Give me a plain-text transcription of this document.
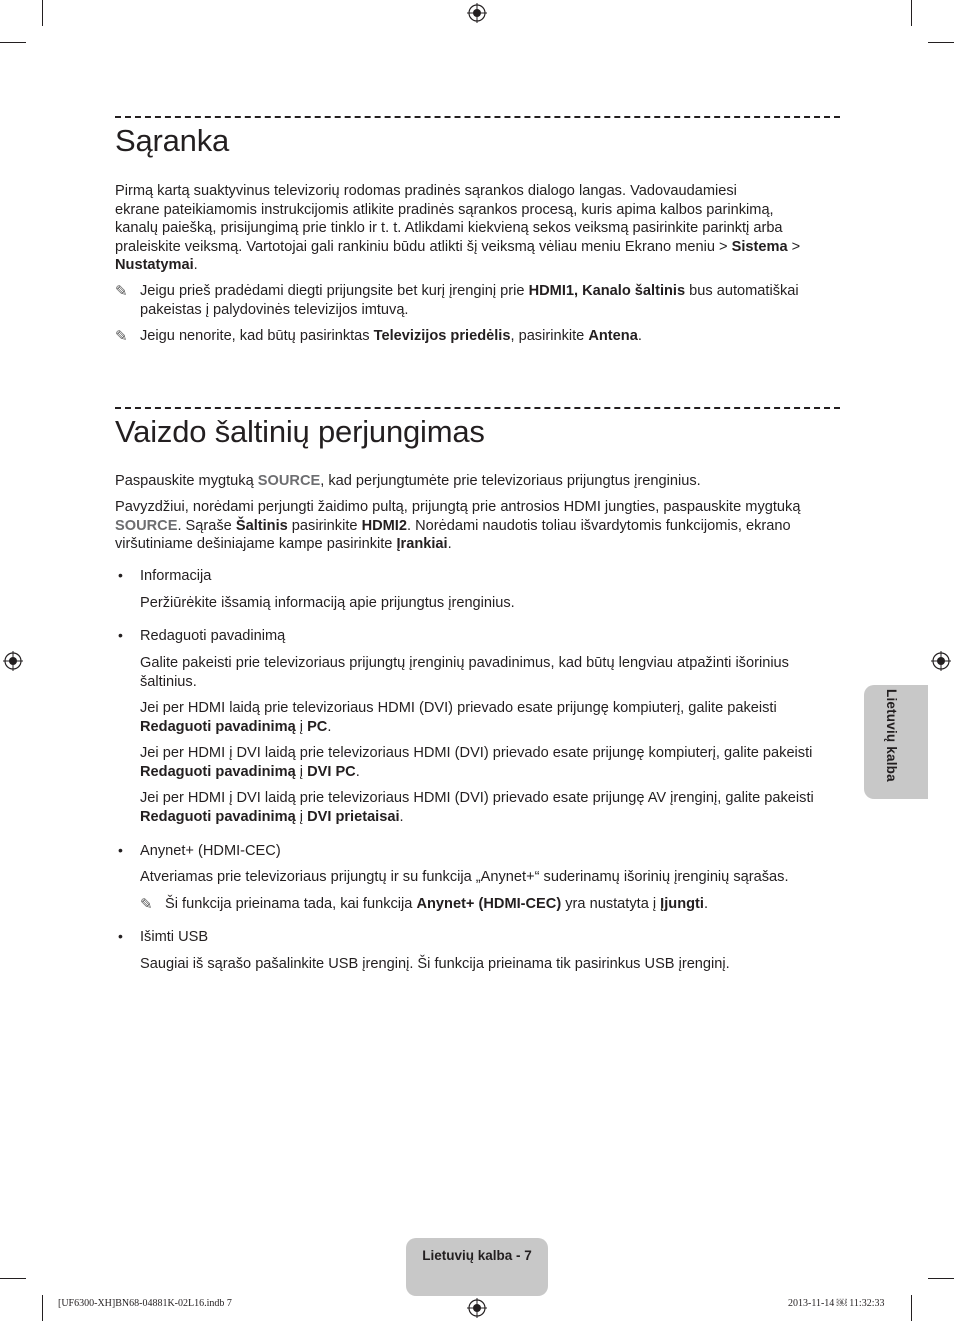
Sąranka

Pirmą kartą suaktyvinus televizorių rodomas pradinės sąrankos dialogo langas. Vadovaudamiesi
ekrane pateikiamomis instrukcijomis atlikite pradinės sąrankos procesą, kuris apima kalbos parinkimą,
kanalų paiešką, prisijungimą prie tinklo ir t. t. Atlikdami kiekvieną sekos veiksmą pasirinkite parinktį arba
praleiskite veiksmą. Vartotojai gali rankiniu būdu atlikti šį veiksmą vėliau meniu Ekrano meniu > Sistema >
Nustatymai.

✎ Jeigu prieš pradėdami diegti prijungsite bet kurį įrenginį prie HDMI1, Kanalo šaltinis bus automatiškai
pakeistas į palydovinės televizijos imtuvą.

✎ Jeigu nenorite, kad būtų pasirinktas Televizijos priedėlis, pasirinkite Antena.

Vaizdo šaltinių perjungimas

Paspauskite mygtuką SOURCE, kad perjungtumėte prie televizoriaus prijungtus įrenginius.

Pavyzdžiui, norėdami perjungti žaidimo pultą, prijungtą prie antrosios HDMI jungties, paspauskite mygtuką
SOURCE. Sąraše Šaltinis pasirinkite HDMI2. Norėdami naudotis toliau išvardytomis funkcijomis, ekrano
viršutiniame dešiniajame kampe pasirinkite Įrankiai.

• Informacija

Peržiūrėkite išsamią informaciją apie prijungtus įrenginius.

• Redaguoti pavadinimą

Galite pakeisti prie televizoriaus prijungtų įrenginių pavadinimus, kad būtų lengviau atpažinti išorinius
šaltinius.

Jei per HDMI laidą prie televizoriaus HDMI (DVI) prievado esate prijungę kompiuterį, galite pakeisti
Redaguoti pavadinimą į PC.

Jei per HDMI į DVI laidą prie televizoriaus HDMI (DVI) prievado esate prijungę kompiuterį, galite pakeisti
Redaguoti pavadinimą į DVI PC.

Jei per HDMI į DVI laidą prie televizoriaus HDMI (DVI) prievado esate prijungę AV įrenginį, galite pakeisti
Redaguoti pavadinimą į DVI prietaisai.

• Anynet+ (HDMI-CEC)

Atveriamas prie televizoriaus prijungtų ir su funkcija „Anynet+“ suderinamų išorinių įrenginių sąrašas.

✎ Ši funkcija prieinama tada, kai funkcija Anynet+ (HDMI-CEC) yra nustatyta į Įjungti.

• Išimti USB

Saugiai iš sąrašo pašalinkite USB įrenginį. Ši funkcija prieinama tik pasirinkus USB įrenginį.

Lietuvių kalba
Lietuvių kalba - 7
[UF6300-XH]BN68-04881K-02L16.indb 7	2013-11-14 ￼ 11:32:33
